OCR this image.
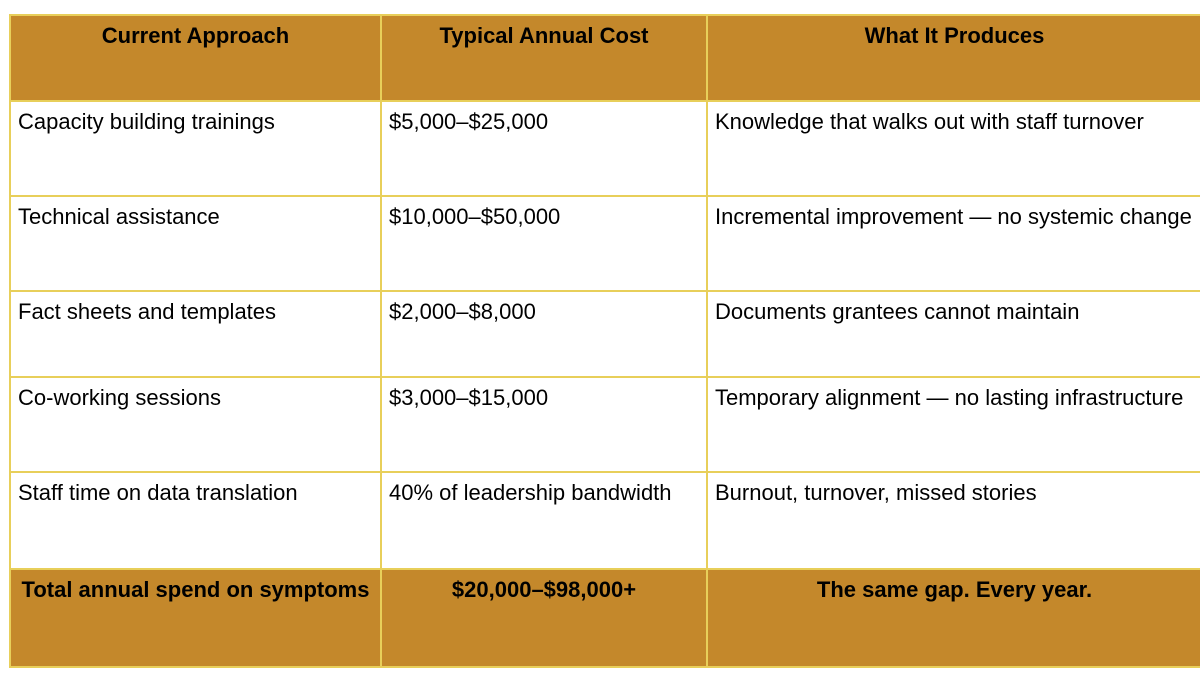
Current Approach	Typical Annual Cost	What It Produces
Capacity building trainings	$5,000–$25,000	Knowledge that walks out with staff turnover
Technical assistance	$10,000–$50,000	Incremental improvement — no systemic change
Fact sheets and templates	$2,000–$8,000	Documents grantees cannot maintain
Co-working sessions	$3,000–$15,000	Temporary alignment — no lasting infrastructure
Staff time on data translation	40% of leadership bandwidth	Burnout, turnover, missed stories
Total annual spend on symptoms	$20,000–$98,000+	The same gap. Every year.
